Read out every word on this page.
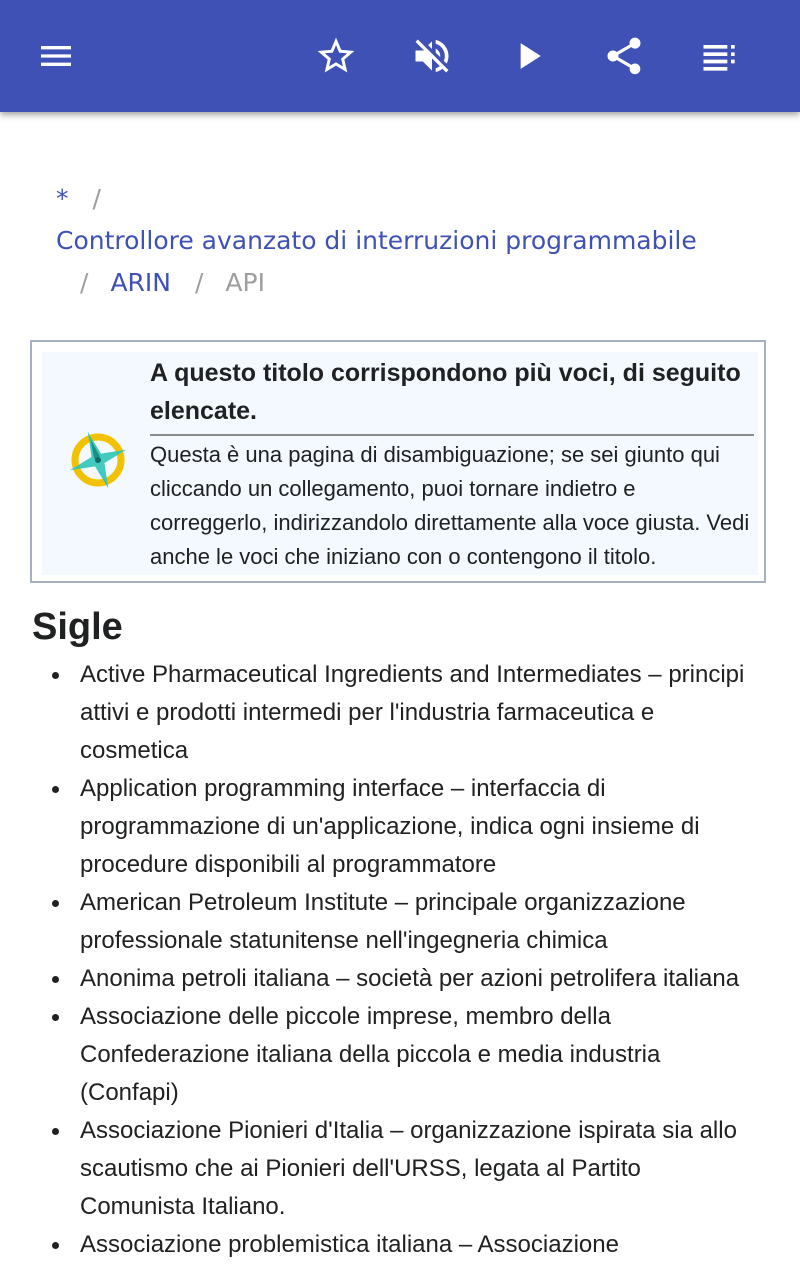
* /
Controllore avanzato di interruzioni programmabile
/ ARIN / API
A questo titolo corrispondono più voci, di seguito elencate.
Questa è una pagina di disambiguazione; se sei giunto qui cliccando un collegamento, puoi tornare indietro e correggerlo, indirizzandolo direttamente alla voce giusta. Vedi anche le voci che iniziano con o contengono il titolo.
Sigle
Active Pharmaceutical Ingredients and Intermediates – principi attivi e prodotti intermedi per l'industria farmaceutica e cosmetica
Application programming interface – interfaccia di programmazione di un'applicazione, indica ogni insieme di procedure disponibili al programmatore
American Petroleum Institute – principale organizzazione professionale statunitense nell'ingegneria chimica
Anonima petroli italiana – società per azioni petrolifera italiana
Associazione delle piccole imprese, membro della Confederazione italiana della piccola e media industria (Confapi)
Associazione Pionieri d'Italia – organizzazione ispirata sia allo scautismo che ai Pionieri dell'URSS, legata al Partito Comunista Italiano.
Associazione problemistica italiana – Associazione
